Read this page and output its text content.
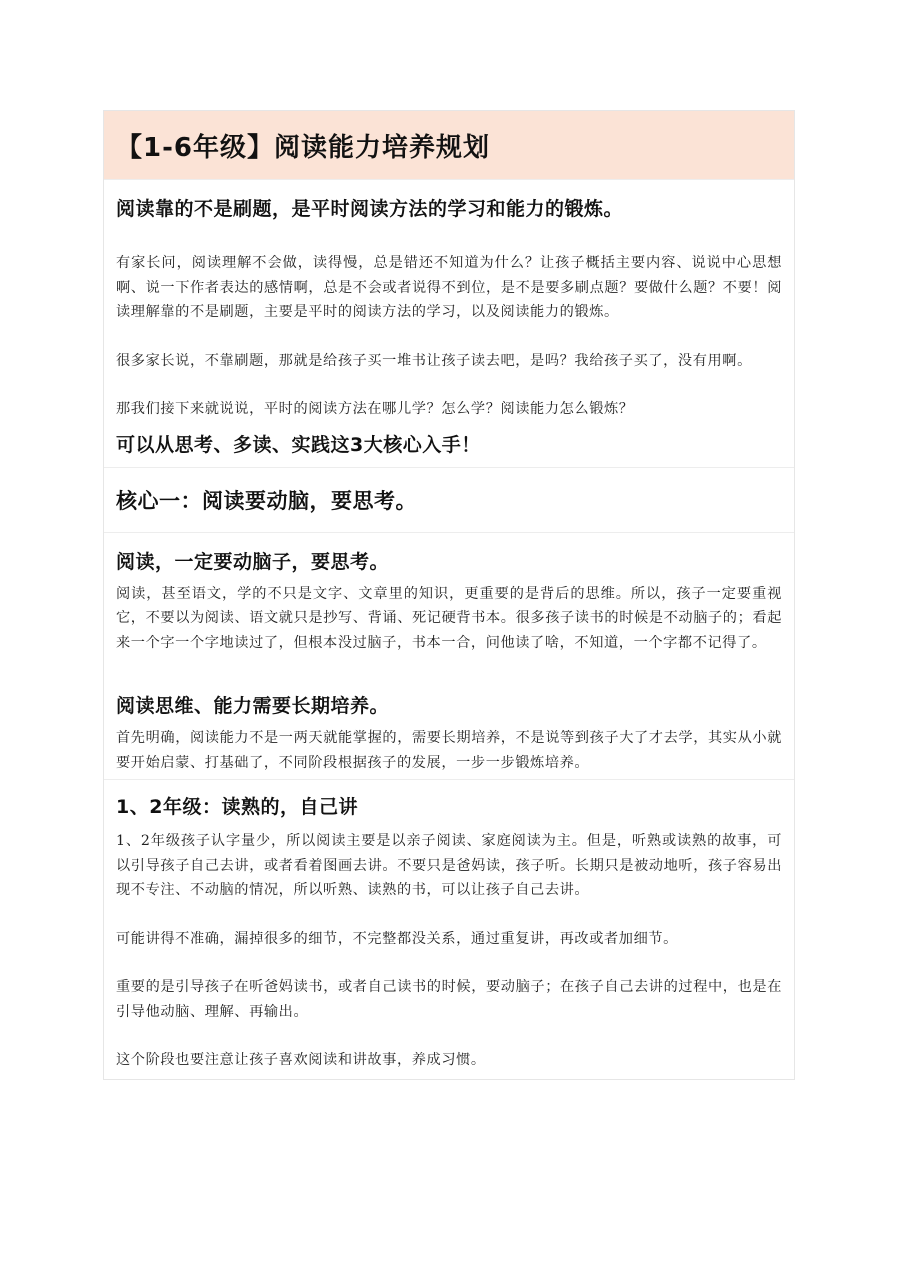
【1-6年级】阅读能力培养规划

阅读靠的不是刷题，是平时阅读方法的学习和能力的锻炼。

有家长问，阅读理解不会做，读得慢，总是错还不知道为什么？让孩子概括主要内容、说说中心思想啊、说一下作者表达的感情啊，总是不会或者说得不到位，是不是要多刷点题？要做什么题？不要！阅读理解靠的不是刷题，主要是平时的阅读方法的学习，以及阅读能力的锻炼。

很多家长说，不靠刷题，那就是给孩子买一堆书让孩子读去吧，是吗？我给孩子买了，没有用啊。

那我们接下来就说说，平时的阅读方法在哪儿学？怎么学？阅读能力怎么锻炼？

可以从思考、多读、实践这3大核心入手！

核心一：阅读要动脑，要思考。

阅读，一定要动脑子，要思考。

阅读，甚至语文，学的不只是文字、文章里的知识，更重要的是背后的思维。所以，孩子一定要重视它，不要以为阅读、语文就只是抄写、背诵、死记硬背书本。很多孩子读书的时候是不动脑子的；看起来一个字一个字地读过了，但根本没过脑子，书本一合，问他读了啥，不知道，一个字都不记得了。

阅读思维、能力需要长期培养。

首先明确，阅读能力不是一两天就能掌握的，需要长期培养，不是说等到孩子大了才去学，其实从小就要开始启蒙、打基础了，不同阶段根据孩子的发展，一步一步锻炼培养。

1、2年级：读熟的，自己讲

1、2年级孩子认字量少，所以阅读主要是以亲子阅读、家庭阅读为主。但是，听熟或读熟的故事，可以引导孩子自己去讲，或者看着图画去讲。不要只是爸妈读，孩子听。长期只是被动地听，孩子容易出现不专注、不动脑的情况，所以听熟、读熟的书，可以让孩子自己去讲。

可能讲得不准确，漏掉很多的细节，不完整都没关系，通过重复讲，再改或者加细节。

重要的是引导孩子在听爸妈读书，或者自己读书的时候，要动脑子；在孩子自己去讲的过程中，也是在引导他动脑、理解、再输出。

这个阶段也要注意让孩子喜欢阅读和讲故事，养成习惯。
